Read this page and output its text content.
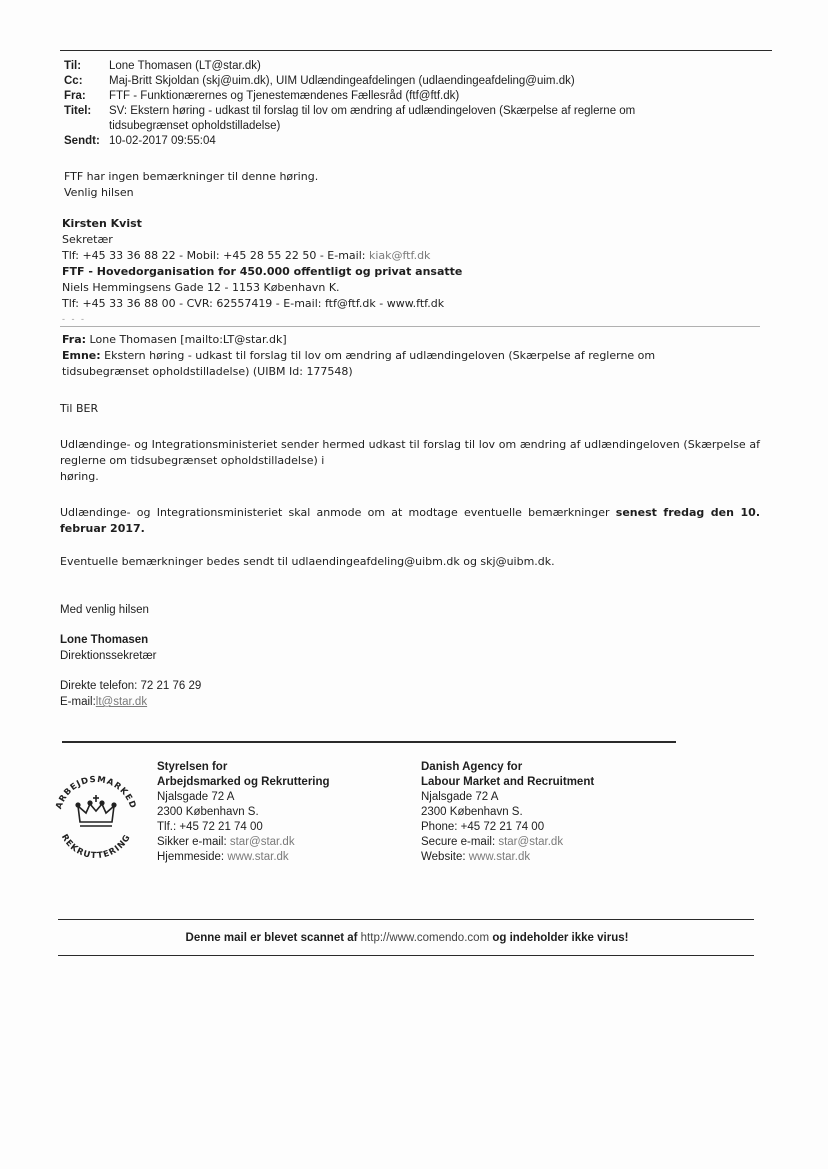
Til:	Lone Thomasen (LT@star.dk)
Cc:	Maj-Britt Skjoldan (skj@uim.dk), UIM Udlændingeafdelingen (udlaendingeafdeling@uim.dk)
Fra:	FTF - Funktionærernes og Tjenestemændenes Fællesråd (ftf@ftf.dk)
Titel:	SV: Ekstern høring - udkast til forslag til lov om ændring af udlændingeloven (Skærpelse af reglerne om tidsubegrænset opholdstilladelse)
Sendt: 10-02-2017 09:55:04
FTF har ingen bemærkninger til denne høring.
Venlig hilsen
Kirsten Kvist
Sekretær
Tlf: +45 33 36 88 22 - Mobil: +45 28 55 22 50 - E-mail: kiak@ftf.dk
FTF - Hovedorganisation for 450.000 offentligt og privat ansatte
Niels Hemmingsens Gade 12 - 1153 København K.
Tlf: +45 33 36 88 00 - CVR: 62557419 - E-mail: ftf@ftf.dk - www.ftf.dk
- - -
Fra: Lone Thomasen [mailto:LT@star.dk]
Emne: Ekstern høring - udkast til forslag til lov om ændring af udlændingeloven (Skærpelse af reglerne om tidsubegrænset opholdstilladelse) (UIBM Id: 177548)
Til BER
Udlændinge- og Integrationsministeriet sender hermed udkast til forslag til lov om ændring af udlændingeloven (Skærpelse af reglerne om tidsubegrænset opholdstilladelse) i
høring.
Udlændinge- og Integrationsministeriet skal anmode om at modtage eventuelle bemærkninger senest fredag den 10. februar 2017.
Eventuelle bemærkninger bedes sendt til udlaendingeafdeling@uibm.dk og skj@uibm.dk.
Med venlig hilsen
Lone Thomasen
Direktionssekretær
Direkte telefon: 72 21 76 29
E-mail:lt@star.dk
ARBEJDSMARKED
REKRUTTERING
Styrelsen for
Arbejdsmarked og Rekruttering
Njalsgade 72 A
2300 København S.
Tlf.: +45 72 21 74 00
Sikker e-mail: star@star.dk
Hjemmeside: www.star.dk
Danish Agency for
Labour Market and Recruitment
Njalsgade 72 A
2300 København S.
Phone: +45 72 21 74 00
Secure e-mail: star@star.dk
Website: www.star.dk
Denne mail er blevet scannet af http://www.comendo.com og indeholder ikke virus!
